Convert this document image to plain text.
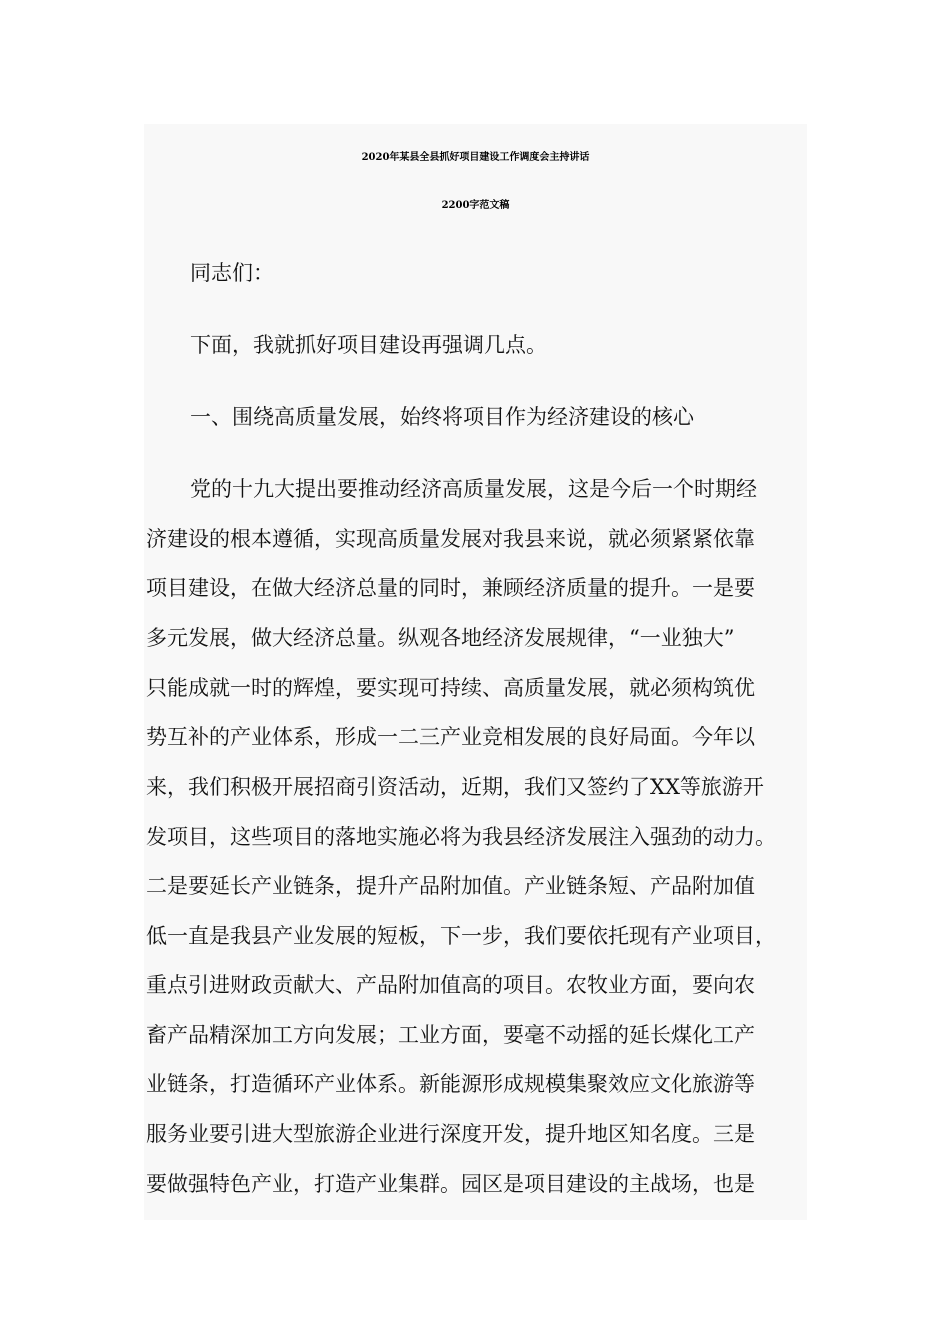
2020年某县全县抓好项目建设工作调度会主持讲话
2200字范文稿
同志们：
下面，我就抓好项目建设再强调几点。
一、围绕高质量发展，始终将项目作为经济建设的核心
党的十九大提出要推动经济高质量发展，这是今后一个时期经
济建设的根本遵循，实现高质量发展对我县来说，就必须紧紧依靠
项目建设，在做大经济总量的同时，兼顾经济质量的提升。一是要
多元发展，做大经济总量。纵观各地经济发展规律，“一业独大”
只能成就一时的辉煌，要实现可持续、高质量发展，就必须构筑优
势互补的产业体系，形成一二三产业竞相发展的良好局面。今年以
来，我们积极开展招商引资活动，近期，我们又签约了XX等旅游开
发项目，这些项目的落地实施必将为我县经济发展注入强劲的动力。
二是要延长产业链条，提升产品附加值。产业链条短、产品附加值
低一直是我县产业发展的短板，下一步，我们要依托现有产业项目，
重点引进财政贡献大、产品附加值高的项目。农牧业方面，要向农
畜产品精深加工方向发展；工业方面，要毫不动摇的延长煤化工产
业链条，打造循环产业体系。新能源形成规模集聚效应文化旅游等
服务业要引进大型旅游企业进行深度开发，提升地区知名度。三是
要做强特色产业，打造产业集群。园区是项目建设的主战场，也是
